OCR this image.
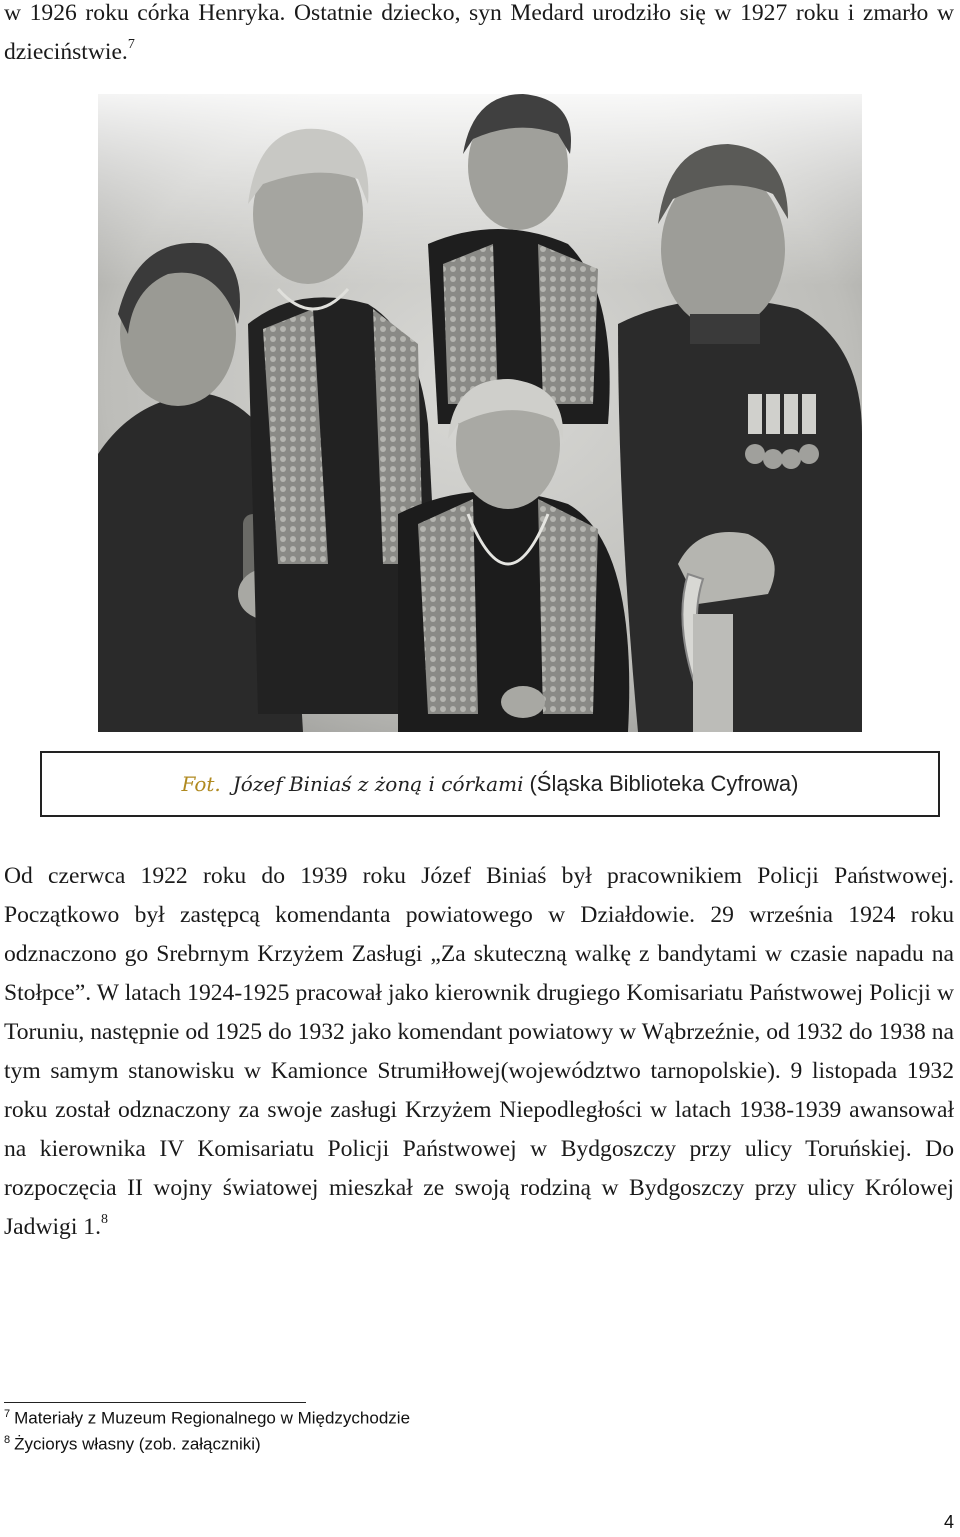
w 1926 roku córka Henryka. Ostatnie dziecko, syn Medard urodziło się w 1927 roku i zmarło w dzieciństwie.$^7$

Fot. Józef Biniaś z żoną i córkami (Śląska Biblioteka Cyfrowa)

Od czerwca 1922 roku do 1939 roku Józef Biniaś był pracownikiem Policji Państwowej. Początkowo był zastępcą komendanta powiatowego w Działdowie. 29 września 1924 roku odznaczono go Srebrnym Krzyżem Zasługi „Za skuteczną walkę z bandytami w czasie napadu na Stołpce”. W latach 1924-1925 pracował jako kierownik drugiego Komisariatu Państwowej Policji w Toruniu, następnie od 1925 do 1932 jako komendant powiatowy w Wąbrzeźnie, od 1932 do 1938 na tym samym stanowisku w Kamionce Strumiłłowej(województwo tarnopolskie). 9 listopada 1932 roku został odznaczony za swoje zasługi Krzyżem Niepodległości w latach 1938-1939 awansował na kierownika IV Komisariatu Policji Państwowej w Bydgoszczy przy ulicy Toruńskiej. Do rozpoczęcia II wojny światowej mieszkał ze swoją rodziną w Bydgoszczy przy ulicy Królowej Jadwigi 1.$^8$

$^7$ Materiały z Muzeum Regionalnego w Międzychodzie
$^8$ Życiorys własny (zob. załączniki)
4
